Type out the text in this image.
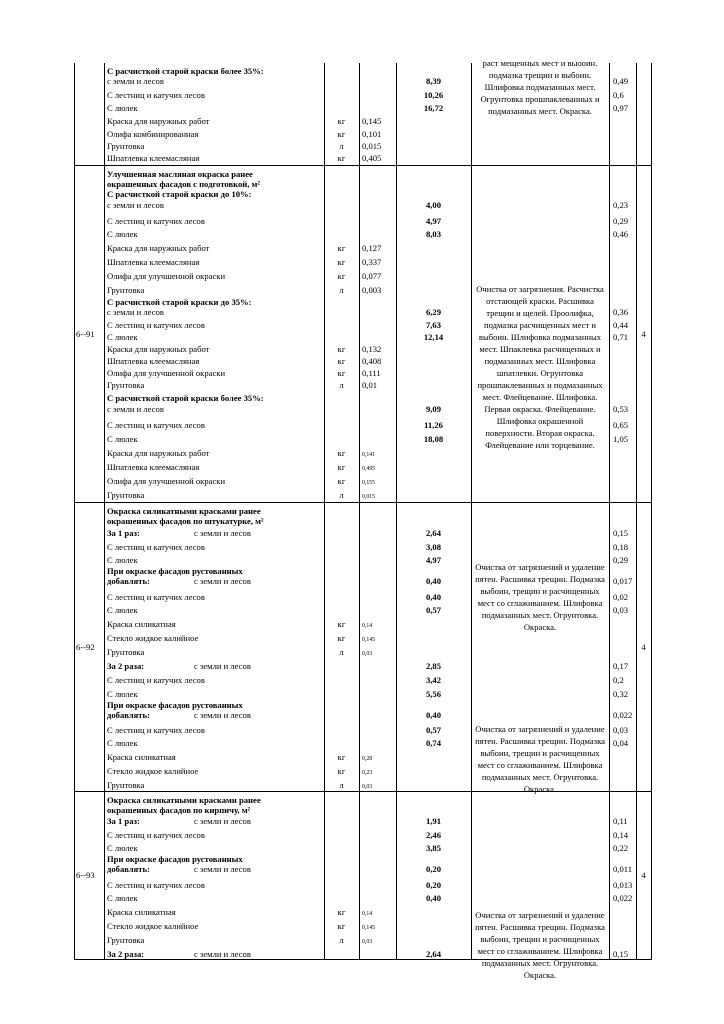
С расчисткой старой краски более 35%:
с земли и лесов	8,39	0,49
С лестниц и катучих лесов	10,26	0,6
С люлек	16,72	0,97
Краска для наружных работ	кг	0,145
Олифа комбинированная	кг	0,101
Грунтовка	л	0,015
Шпатлевка клеемасляная	кг	0,405
раст мещенных мест и выооин. подмазка трещин и выбоин. Шлифовка подмазанных мест. Огрунтовка прошпаклеванных и подмазанных мест. Окраска.
6--91	4
Улучшенная масляная окраска ранее
окрашенных фасадов с подготовкой, м²
С расчисткой старой краски до 10%:
с земли и лесов	4,00	0,23
С лестниц и катучих лесов	4,97	0,29
С люлек	8,03	0,46
Краска для наружных работ	кг	0,127
Шпатлевка клеемасляная	кг	0,337
Олифа для улучшенной окраски	кг	0,077
Грунтовка	л	0,003
С расчисткой старой краски до 35%:
с земли и лесов	6,29	0,36
С лестниц и катучих лесов	7,63	0,44
С люлек	12,14	0,71
Краска для наружных работ	кг	0,132
Шпатлевка клеемасляная	кг	0,408
Олифа для улучшенной окраски	кг	0,111
Грунтовка	л	0,01
С расчисткой старой краски более 35%:
с земли и лесов	9,09	0,53
С лестниц и катучих лесов	11,26	0,65
С люлек	18,08	1,05
Краска для наружных работ	кг	0,141
Шпатлевка клеемасляная	кг	0,495
Олифа для улучшенной окраски	кг	0,155
Грунтовка	л	0,015
Очистка от загрязнения. Расчистка отстающей краски. Расшивка трещин и щелей. Проолифка, подмазка расчищенных мест и выбоин. Шлифовка подмазанных мест. Шпаклевка расчищенных и подмазанных мест. Шлифовка шпатлевки. Огрунтовка прошпаклеванных и подмазанных мест. Флейцевание. Шлифовка. Первая окраска. Флейцевание. Шлифовка окрашенной поверхности. Вторая окраска. Флейцевание или торцевание.
6--92	4
Окраска силикатными красками ранее
окрашенных фасадов по штукатурке, м²
За 1 раз:	с земли и лесов	2,64	0,15
С лестниц и катучих лесов	3,08	0,18
С люлек	4,97	0,29
При окраске фасадов рустованных
добавлять:	с земли и лесов	0,40	0,017
С лестниц и катучих лесов	0,40	0,02
С люлек	0,57	0,03
Краска силикатная	кг	0,14
Стекло жидкое калийное	кг	0,145
Грунтовка	л	0,03
За 2 раза:	с земли и лесов	2,85	0,17
С лестниц и катучих лесов	3,42	0,2
С люлек	5,56	0,32
При окраске фасадов рустованных
добавлять:	с земли и лесов	0,40	0,022
С лестниц и катучих лесов	0,57	0,03
С люлек	0,74	0,04
Краска силикатная	кг	0,28
Стекло жидкое калийное	кг	0,23
Грунтовка	л	0,03
Очистка от загрязнений и удаление пятен. Расшивка трещин. Подмазка выбоин, трещин и расчищенных мест со сглаживанием. Шлифовка подмазанных мест. Огрунтовка. Окраска.
Очистка от загрязнений и удаление пятен. Расшивка трещин. Подмазка выбоин, трещин и расчищенных мест со сглаживанием. Шлифовка подмазанных мест. Огрунтовка. Окраска.
6--93	4
Окраска силикатными красками ранее
окрашенных фасадов по кирпичу, м²
За 1 раз:	с земли и лесов	1,91	0,11
С лестниц и катучих лесов	2,46	0,14
С люлек	3,85	0,22
При окраске фасадов рустованных
добавлять:	с земли и лесов	0,20	0,011
С лестниц и катучих лесов	0,20	0,013
С люлек	0,40	0,022
Краска силикатная	кг	0,14
Стекло жидкое калийное	кг	0,145
Грунтовка	л	0,03
За 2 раза:	с земли и лесов	2,64	0,15
Очистка от загрязнений и удаление пятен. Расшивка трещин. Подмазка выбоин, трещин и расчищенных мест со сглаживанием. Шлифовка подмазанных мест. Огрунтовка. Окраска.
